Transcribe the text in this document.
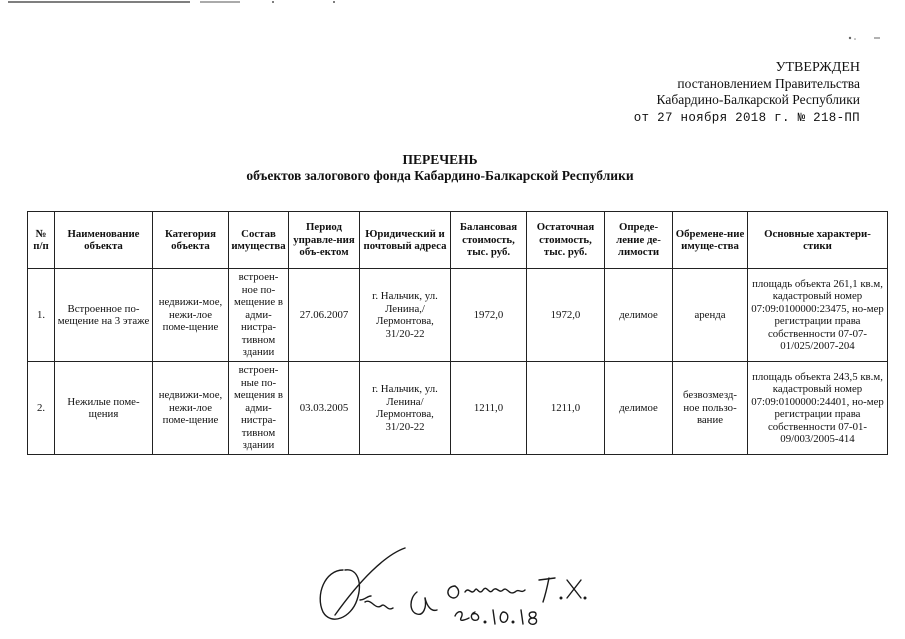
УТВЕРЖДЕН
постановлением Правительства
Кабардино-Балкарской Республики
от 27 ноября 2018 г. № 218-ПП
ПЕРЕЧЕНЬ
объектов залогового фонда Кабардино-Балкарской Республики
№ п/п	Наименование объекта	Категория объекта	Состав имущества	Период управле-ния объ-ектом	Юридический и почтовый адреса	Балансовая стоимость, тыс. руб.	Остаточная стоимость, тыс. руб.	Опреде-ление де-лимости	Обремене-ние имуще-ства	Основные характери-стики
1.	Встроенное по-мещение на 3 этаже	недвижи-мое, нежи-лое поме-щение	встроен-ное по-мещение в адми-нистра-тивном здании	27.06.2007	г. Нальчик, ул. Ленина,/ Лермонтова, 31/20-22	1972,0	1972,0	делимое	аренда	площадь объекта 261,1 кв.м, кадастровый номер 07:09:0100000:23475, но-мер регистрации права собственности 07-07-01/025/2007-204
2.	Нежилые поме-щения	недвижи-мое, нежи-лое поме-щение	встроен-ные по-мещения в адми-нистра-тивном здании	03.03.2005	г. Нальчик, ул. Ленина/ Лермонтова, 31/20-22	1211,0	1211,0	делимое	безвозмезд-ное пользо-вание	площадь объекта 243,5 кв.м, кадастровый номер 07:09:0100000:24401, но-мер регистрации права собственности 07-01-09/003/2005-414
